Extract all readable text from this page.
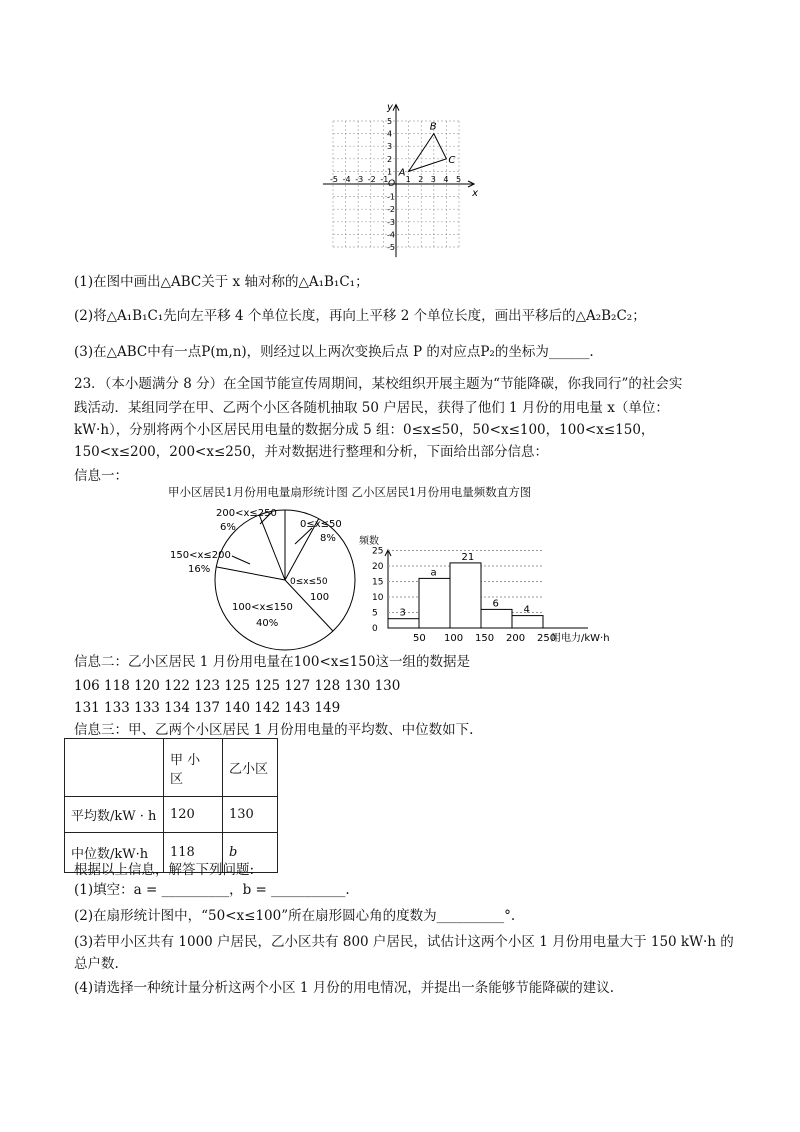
x
y
O
-5 -4 -3 -2 -1 1 2 3 4 5
5
4
3
2
1
-1
-2
-3
-4
-5
A
B
C
(1)在图中画出△ABC关于 x 轴对称的△A₁B₁C₁；
(2)将△A₁B₁C₁先向左平移 4 个单位长度，再向上平移 2 个单位长度，画出平移后的△A₂B₂C₂；
(3)在△ABC中有一点P(m,n)，则经过以上两次变换后点 P 的对应点P₂的坐标为______.
23．（本小题满分 8 分）在全国节能宣传周期间，某校组织开展主题为“节能降碳，你我同行”的社会实
践活动．某组同学在甲、乙两个小区各随机抽取 50 户居民，获得了他们 1 月份的用电量 x（单位：
kW·h），分别将两个小区居民用电量的数据分成 5 组：0≤x≤50，50<x≤100，100<x≤150，
150<x≤200，200<x≤250，并对数据进行整理和分析，下面给出部分信息：
信息一：
甲小区居民1月份用电量扇形统计图 乙小区居民1月份用电量频数直方图
0≤x≤50
8%
0≤x≤50
100
100<x≤150
40%
150<x≤200
16%
200<x≤250
6%
频数
0
5
10
15
20
25
3
a
21
6
4
50 100 150 200 250
用电力/kW·h
信息二：乙小区居民 1 月份用电量在100<x≤150这一组的数据是
106 118 120 122 123 125 125 127 128 130 130
131 133 133 134 137 140 142 143 149
信息三：甲、乙两个小区居民 1 月份用电量的平均数、中位数如下.

	甲 小
区	乙小区
平均数/kW · h	120	130
中位数/kW·h	118	b
根据以上信息，解答下列问题:
(1)填空：a = __________，b = ___________.
(2)在扇形统计图中，“50<x≤100”所在扇形圆心角的度数为__________°.
(3)若甲小区共有 1000 户居民，乙小区共有 800 户居民，试估计这两个小区 1 月份用电量大于 150 kW·h 的
总户数.
(4)请选择一种统计量分析这两个小区 1 月份的用电情况，并提出一条能够节能降碳的建议.
